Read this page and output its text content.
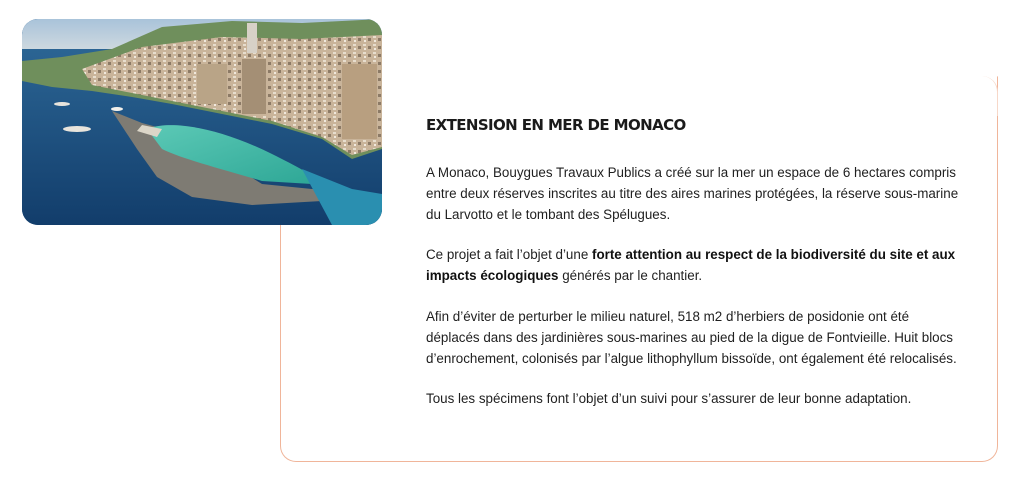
EXTENSION EN MER DE MONACO

A Monaco, Bouygues Travaux Publics a créé sur la mer un espace de 6 hectares compris entre deux réserves inscrites au titre des aires marines protégées, la réserve sous-marine du Larvotto et le tombant des Spélugues.

Ce projet a fait l’objet d’une forte attention au respect de la biodiversité du site et aux impacts écologiques générés par le chantier.

Afin d’éviter de perturber le milieu naturel, 518 m2 d’herbiers de posidonie ont été déplacés dans des jardinières sous-marines au pied de la digue de Fontvieille. Huit blocs d’enrochement, colonisés par l’algue lithophyllum bissoïde, ont également été relocalisés.

Tous les spécimens font l’objet d’un suivi pour s’assurer de leur bonne adaptation.
